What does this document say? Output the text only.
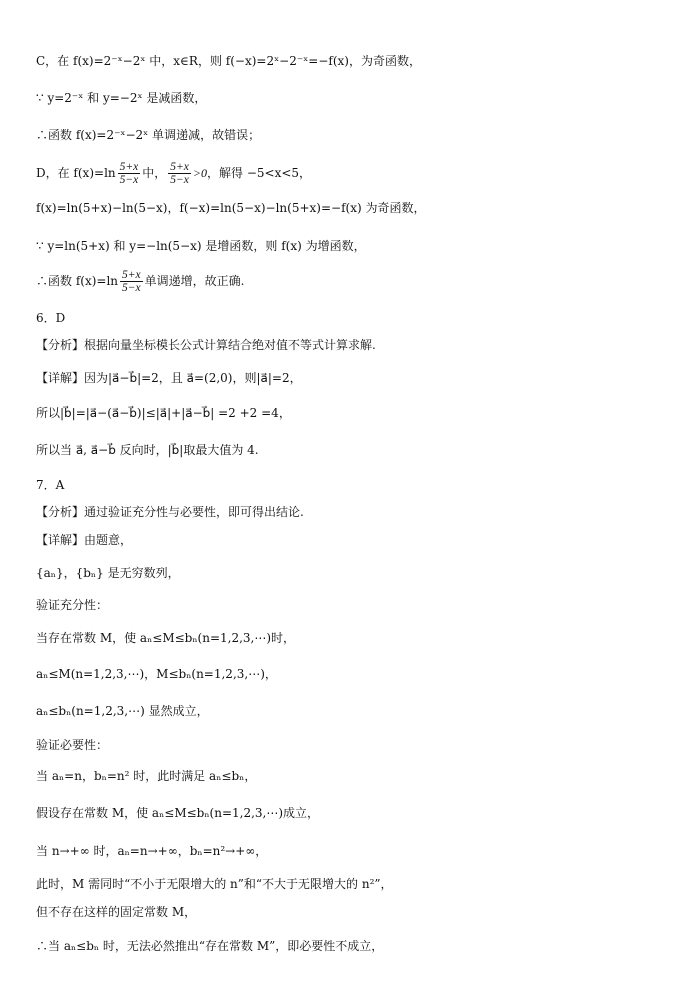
C，在 f(x)=2⁻ˣ−2ˣ 中，x∈R，则 f(−x)=2ˣ−2⁻ˣ=−f(x)，为奇函数，
∵ y=2⁻ˣ 和 y=−2ˣ 是减函数，
∴函数 f(x)=2⁻ˣ−2ˣ 单调递减，故错误；
D，在 $f(x)=\ln \frac{5+x}{5-x}$ 中， $\frac{5+x}{5-x} >0$，解得 −5<x<5，
f(x)=ln(5+x)−ln(5−x)，f(−x)=ln(5−x)−ln(5+x)=−f(x) 为奇函数，
∵ y=ln(5+x) 和 y=−ln(5−x) 是增函数，则 f(x) 为增函数，
∴函数 $f(x)=\ln \frac{5+x}{5-x}$ 单调递增，故正确.
6．D
【分析】根据向量坐标模长公式计算结合绝对值不等式计算求解.
【详解】因为|a⃗−b⃗|=2，且 a⃗=(2,0)，则|a⃗|=2，
所以|b⃗|=|a⃗−(a⃗−b⃗)|≤|a⃗|+|a⃗−b⃗| =2 +2 =4，
所以当 a⃗, a⃗−b⃗ 反向时，|b⃗|取最大值为 4.
7．A
【分析】通过验证充分性与必要性，即可得出结论.
【详解】由题意，
{aₙ}，{bₙ} 是无穷数列，
验证充分性：
当存在常数 M，使 aₙ≤M≤bₙ(n=1,2,3,⋯)时，
aₙ≤M(n=1,2,3,⋯)，M≤bₙ(n=1,2,3,⋯)，
aₙ≤bₙ(n=1,2,3,⋯) 显然成立，
验证必要性：
当 aₙ=n，bₙ=n² 时，此时满足 aₙ≤bₙ，
假设存在常数 M，使 aₙ≤M≤bₙ(n=1,2,3,⋯)成立，
当 n→+∞ 时，aₙ=n→+∞，bₙ=n²→+∞，
此时，M 需同时“不小于无限增大的 n”和“不大于无限增大的 n²”，
但不存在这样的固定常数 M，
∴当 aₙ≤bₙ 时，无法必然推出“存在常数 M”，即必要性不成立，
